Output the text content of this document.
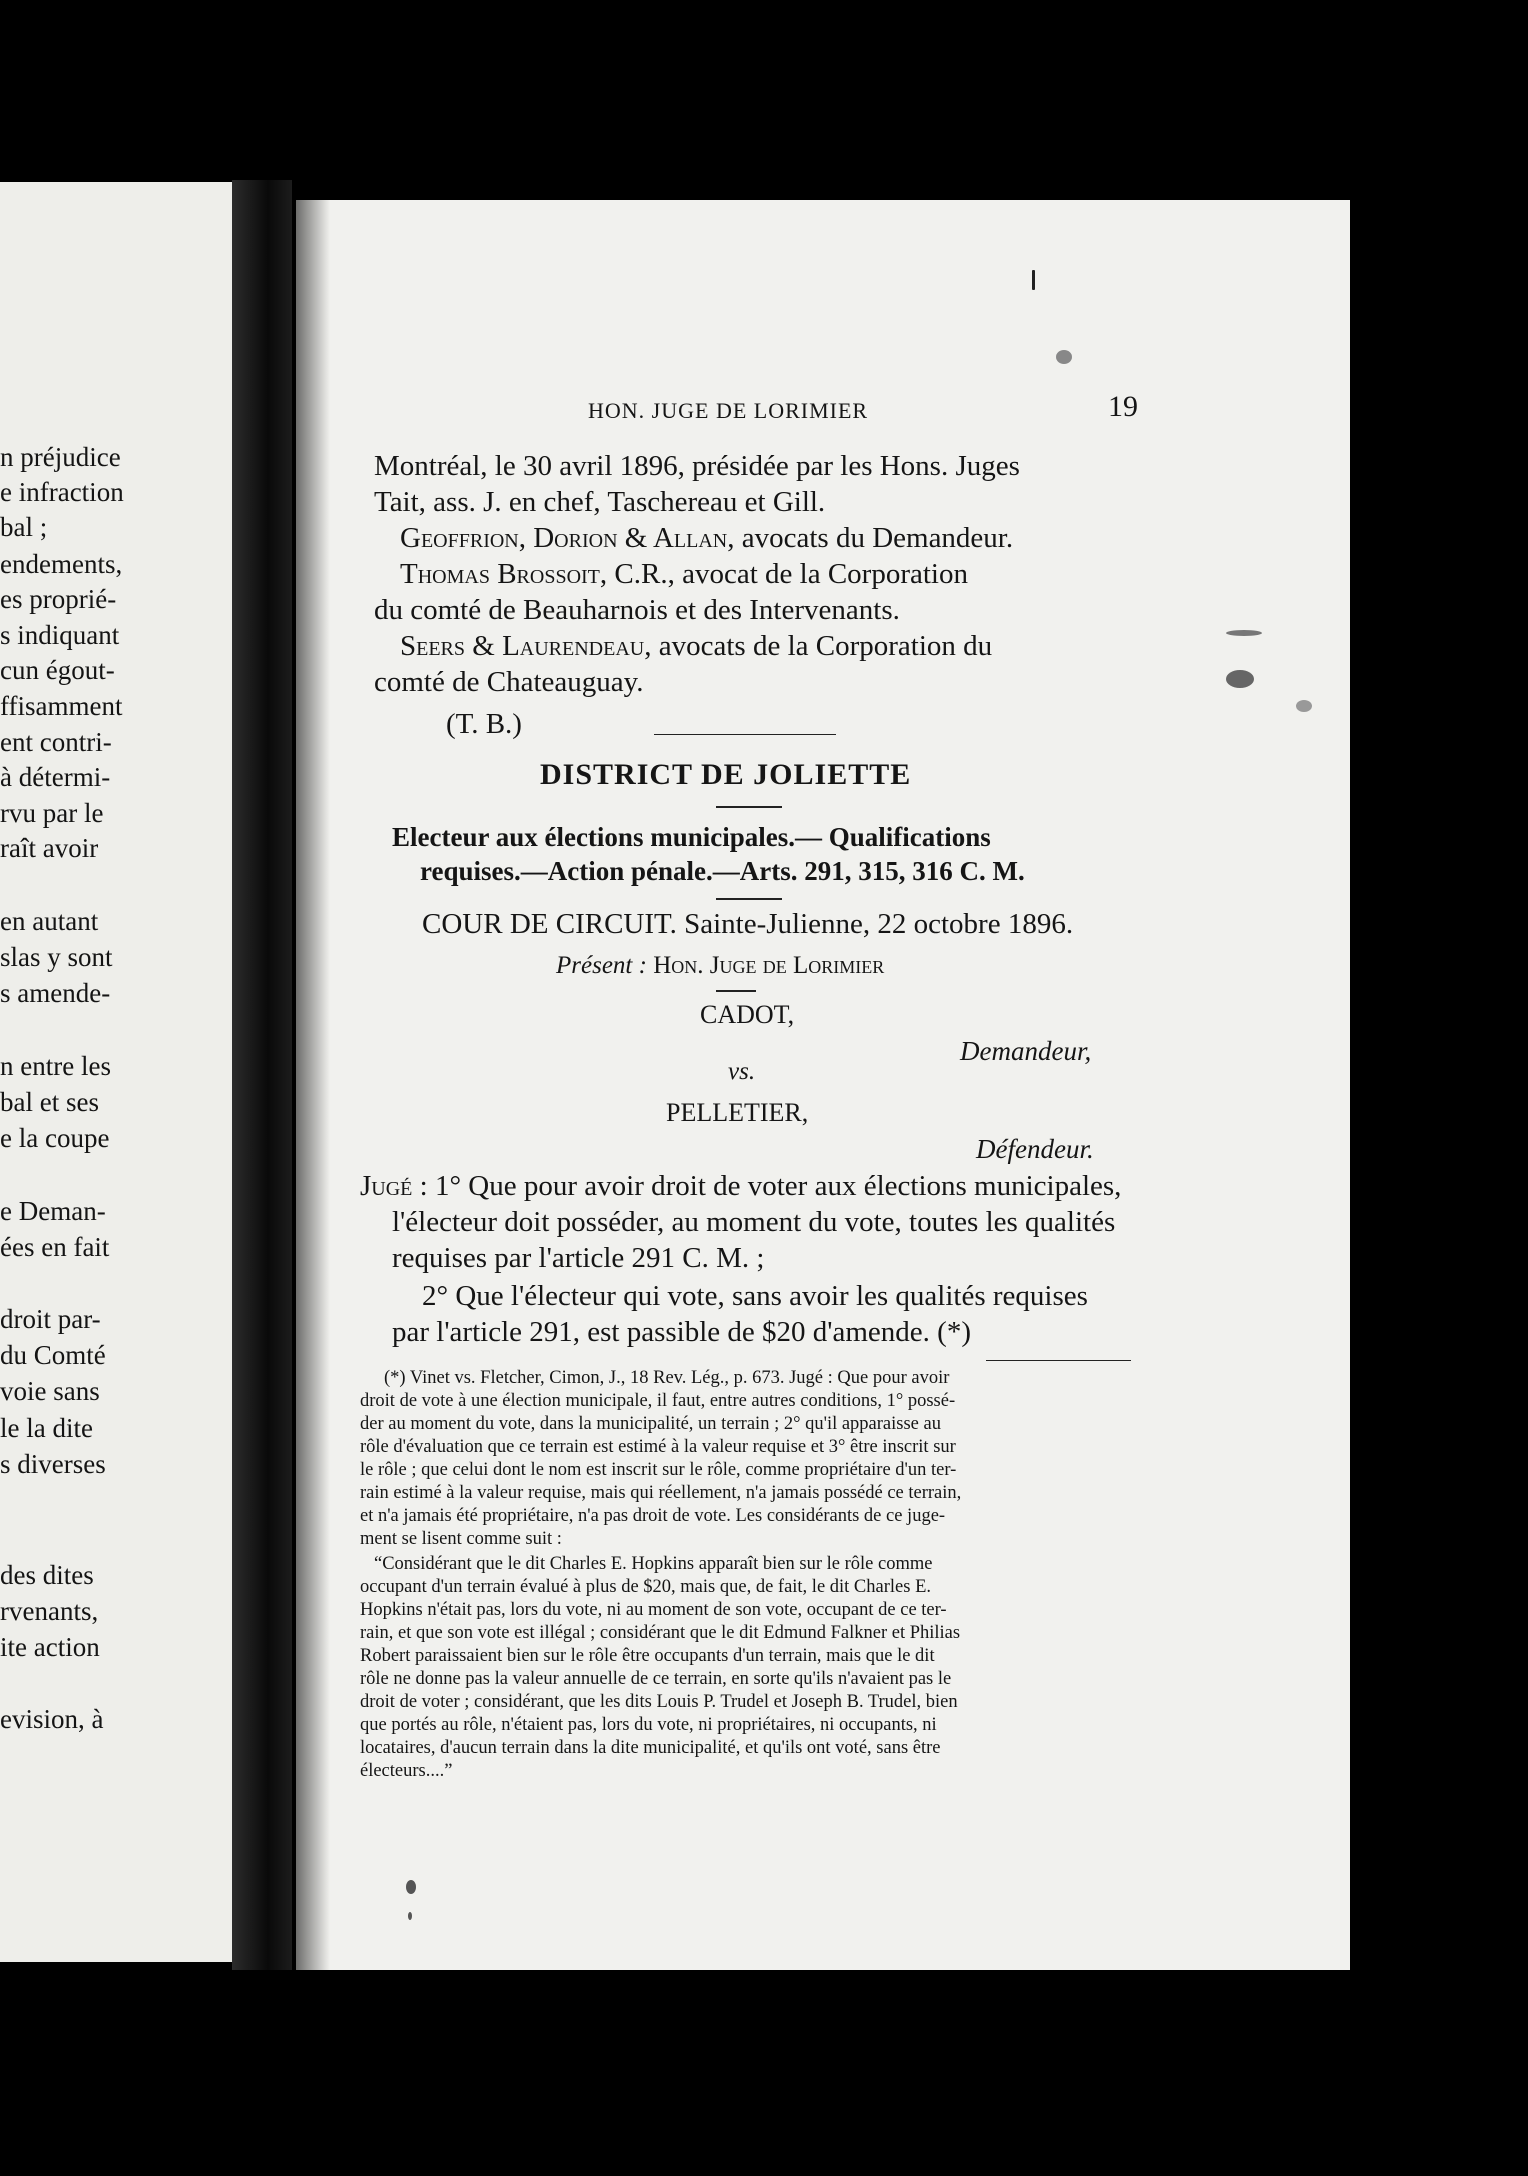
n préjudice
e infraction
bal ;
endements,
es proprié-
s indiquant
cun égout-
ffisamment
ent contri-
à détermi-
rvu par le
raît avoir
en autant
slas y sont
s amende-
n entre les
bal et ses
e la coupe
e Deman-
ées en fait
droit par-
du Comté
voie sans
le la dite
s diverses
des dites
rvenants,
ite action
evision, à
HON. JUGE DE LORIMIER	19
Montréal, le 30 avril 1896, présidée par les Hons. Juges
Tait, ass. J. en chef, Taschereau et Gill.
Geoffrion, Dorion & Allan, avocats du Demandeur.
Thomas Brossoit, C.R., avocat de la Corporation
du comté de Beauharnois et des Intervenants.
Seers & Laurendeau, avocats de la Corporation du
comté de Chateauguay.
(T. B.)
DISTRICT DE JOLIETTE
Electeur aux élections municipales.— Qualifications
requises.—Action pénale.—Arts. 291, 315, 316 C. M.
COUR DE CIRCUIT. Sainte-Julienne, 22 octobre 1896.
Présent : Hon. Juge de Lorimier
CADOT,
Demandeur,
vs.
PELLETIER,
Défendeur.
Jugé : 1° Que pour avoir droit de voter aux élections municipales,
l'électeur doit posséder, au moment du vote, toutes les qualités
requises par l'article 291 C. M. ;
2° Que l'électeur qui vote, sans avoir les qualités requises
par l'article 291, est passible de $20 d'amende. (*)
(*) Vinet vs. Fletcher, Cimon, J., 18 Rev. Lég., p. 673. Jugé : Que pour avoir
droit de vote à une élection municipale, il faut, entre autres conditions, 1° possé-
der au moment du vote, dans la municipalité, un terrain ; 2° qu'il apparaisse au
rôle d'évaluation que ce terrain est estimé à la valeur requise et 3° être inscrit sur
le rôle ; que celui dont le nom est inscrit sur le rôle, comme propriétaire d'un ter-
rain estimé à la valeur requise, mais qui réellement, n'a jamais possédé ce terrain,
et n'a jamais été propriétaire, n'a pas droit de vote. Les considérants de ce juge-
ment se lisent comme suit :
“Considérant que le dit Charles E. Hopkins apparaît bien sur le rôle comme
occupant d'un terrain évalué à plus de $20, mais que, de fait, le dit Charles E.
Hopkins n'était pas, lors du vote, ni au moment de son vote, occupant de ce ter-
rain, et que son vote est illégal ; considérant que le dit Edmund Falkner et Philias
Robert paraissaient bien sur le rôle être occupants d'un terrain, mais que le dit
rôle ne donne pas la valeur annuelle de ce terrain, en sorte qu'ils n'avaient pas le
droit de voter ; considérant, que les dits Louis P. Trudel et Joseph B. Trudel, bien
que portés au rôle, n'étaient pas, lors du vote, ni propriétaires, ni occupants, ni
locataires, d'aucun terrain dans la dite municipalité, et qu'ils ont voté, sans être
électeurs....”
